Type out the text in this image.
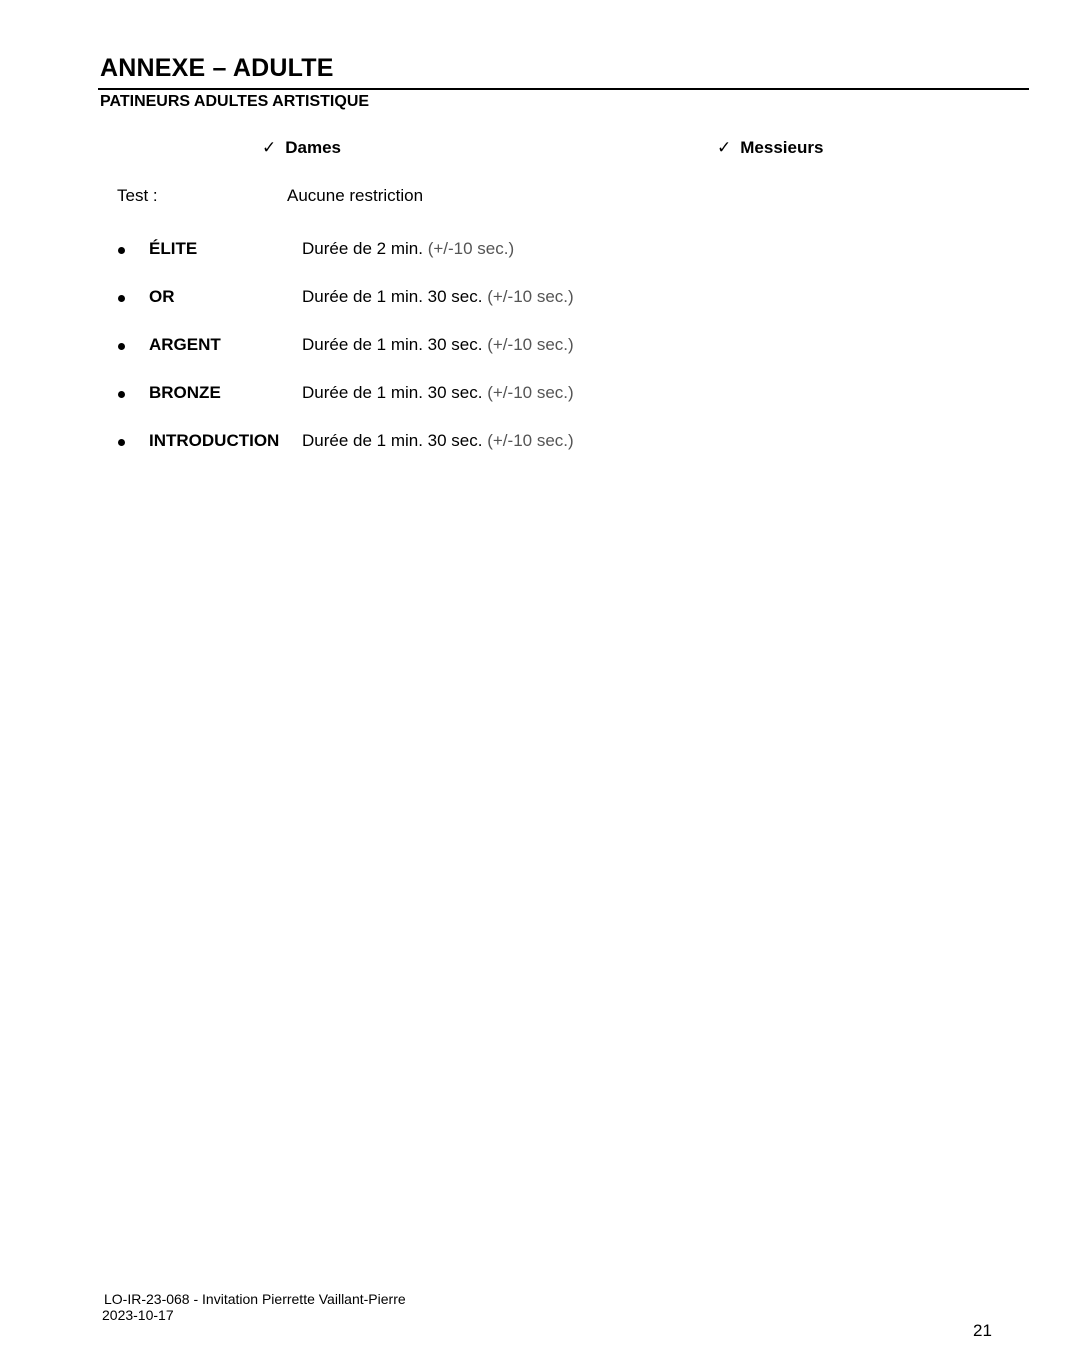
ANNEXE – ADULTE
PATINEURS ADULTES ARTISTIQUE
✓ Dames	✓ Messieurs
Test :	Aucune restriction
ÉLITE	Durée de 2 min. (+/-10 sec.)
OR	Durée de 1 min. 30 sec. (+/-10 sec.)
ARGENT	Durée de 1 min. 30 sec. (+/-10 sec.)
BRONZE	Durée de 1 min. 30 sec. (+/-10 sec.)
INTRODUCTION Durée de 1 min. 30 sec. (+/-10 sec.)
LO-IR-23-068 - Invitation Pierrette Vaillant-Pierre
2023-10-17
21
